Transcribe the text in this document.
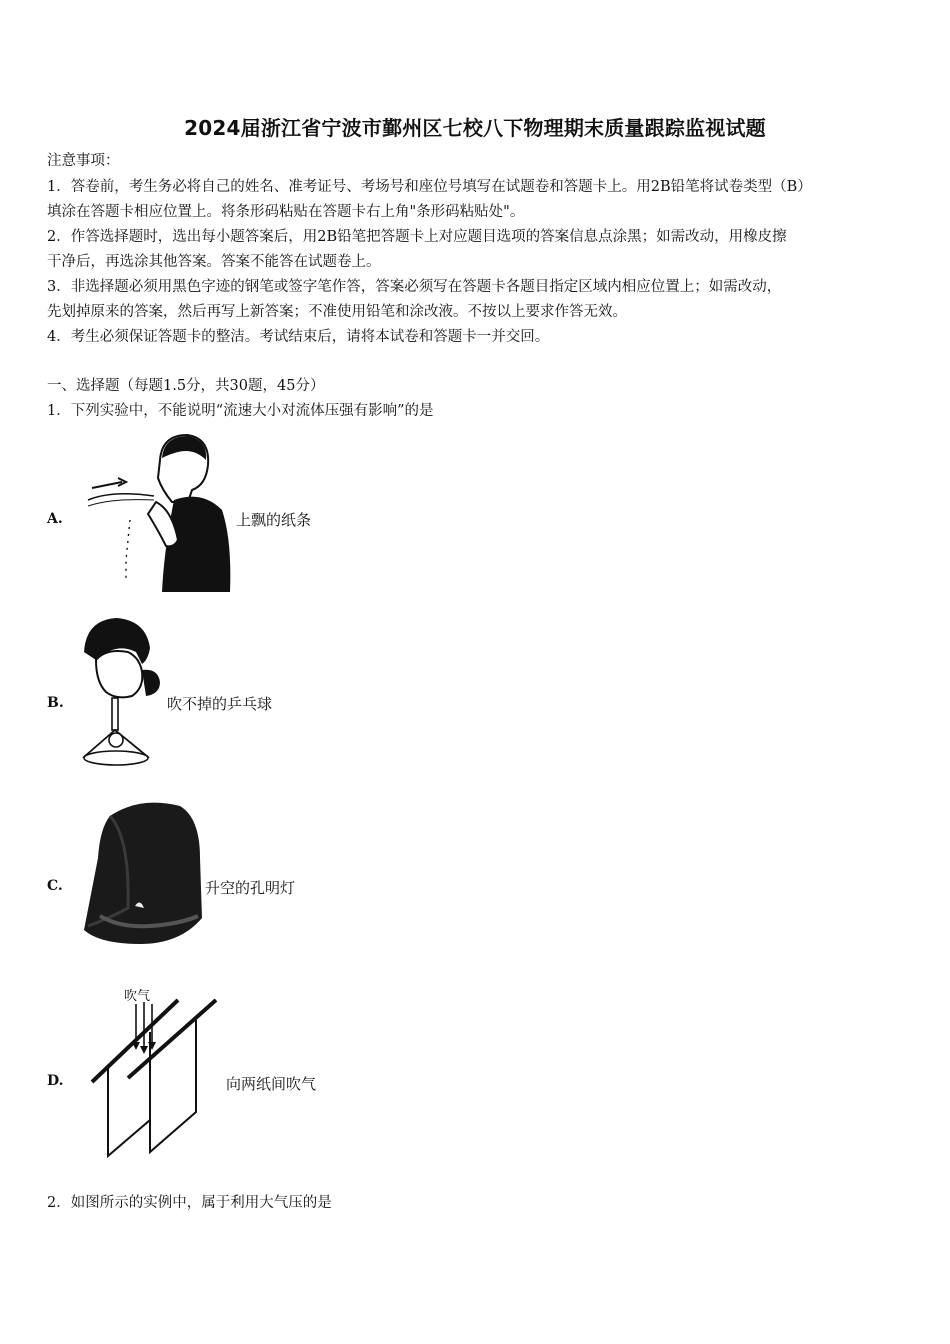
2024届浙江省宁波市鄞州区七校八下物理期末质量跟踪监视试题
注意事项：
1．答卷前，考生务必将自己的姓名、准考证号、考场号和座位号填写在试题卷和答题卡上。用2B铅笔将试卷类型（B）
填涂在答题卡相应位置上。将条形码粘贴在答题卡右上角"条形码粘贴处"。
2．作答选择题时，选出每小题答案后，用2B铅笔把答题卡上对应题目选项的答案信息点涂黑；如需改动，用橡皮擦
干净后，再选涂其他答案。答案不能答在试题卷上。
3．非选择题必须用黑色字迹的钢笔或签字笔作答，答案必须写在答题卡各题目指定区域内相应位置上；如需改动，
先划掉原来的答案，然后再写上新答案；不准使用铅笔和涂改液。不按以上要求作答无效。
4．考生必须保证答题卡的整洁。考试结束后，请将本试卷和答题卡一并交回。
一、选择题（每题1.5分，共30题，45分）
1．下列实验中，不能说明“流速大小对流体压强有影响”的是
A.	上飘的纸条
B.	吹不掉的乒乓球
C.	升空的孔明灯
D.
吹气
向两纸间吹气
2．如图所示的实例中，属于利用大气压的是
